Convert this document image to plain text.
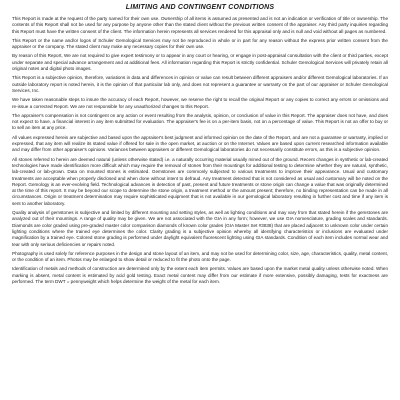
LIMITING AND CONTINGENT CONDITIONS

This Report is made at the request of the party named for their own use. Ownership of all items is assumed as presented and is not an indication or verification of title or ownership. The contents of this Report shall not be used for any purpose by anyone other than the stated client without the previous written consent of the appraiser. Any third party inquiries regarding this Report must have the written consent of the client. The information herein represents all services rendered for this appraisal only and is null and void without all pages as numbered.

This Report or the name and/or logos of Schuler Gemological Services may not be reproduced in whole or in part for any reason without the express prior written consent from the appraiser or the company. The stated client may make any necessary copies for their own use.

By reason of this Report, We are not required to give expert testimony or to appear in any court or hearing, or engage in post-appraisal consultation with the client or third parties, except under separate and special advance arrangement and at additional fees. All information regarding this Report is strictly confidential. Schuler Gemological Services will privately retain all original notes and digital photo images.

This Report is a subjective opinion, therefore, variations in data and differences in opinion or value can result between different appraisers and/or different Gemological laboratories. If an outside laboratory report is noted herein, it is the opinion of that particular lab only, and does not represent a guarantee or warranty on the part of our appraiser or Schuler Gemological Services, Inc.

We have taken reasonable steps to insure the accuracy of each Report, however, we reserve the right to recall the original Report or any copies to correct any errors or omissions and re-issue a corrected Report. We are not responsible for any unauthorized changes to this Report.

The appraiser's compensation is not contingent on any action or event resulting from the analysis, opinion, or conclusion of value in this Report. The appraiser does not have, and does not expect to have, a financial interest in any item submitted for evaluation. The appraiser's fee is on a per-item basis, not on a percentage of value. This Report is not an offer to buy or to sell an item at any price.

All values expressed herein are subjective and based upon the appraiser's best judgment and informed opinion on the date of the Report, and are not a guarantee or warranty, implied or expressed, that any item will realize its stated value if offered for sale in the open market, at auction or on the Internet. Values are based upon current researched information available and may differ from other appraiser's opinions. Variances between appraisers or different Gemological laboratories do not necessarily constitute errors, as this is a subjective opinion.

All stones referred to herein are deemed natural (unless otherwise stated) i.e. a naturally occurring material usually mined out of the ground. Recent changes in synthetic or lab-created technologies have made identification more difficult which may require the removal of stones from their mountings for additional testing to determine whether they are natural, synthetic, lab-created or lab-grown. Data on mounted stones is estimated. Gemstones are commonly subjected to various treatments to improve their appearance. Usual and customary treatments are acceptable when properly disclosed and when done without intent to defraud. Any treatment detected that is not considered as usual and customary will be noted on the Report. Gemology is an ever-evolving field. Technological advances in detection of past, present and future treatments or stone origin can change a value that was originally determined at the time of this report. It may be beyond our scope to determine the stone origin, a treatment method or the amount present; therefore, no binding representation can be made in all circumstances. Origin or treatment determination may require sophisticated equipment that is not available in our gemological laboratory resulting in further cost and time if any item is sent to another laboratory.

Quality analysis of gemstones is subjective and limited by different mounting and setting styles, as well as lighting conditions and may vary from that stated herein if the gemstones are analyzed out of their mountings. A range of quality may be given. We are not associated with the GIA in any form; however, we use GIA nomenclature, grading scales and standards. Diamonds are color graded using pre-graded master color comparison diamonds of known color grades (GIA Master Set #3838) that are placed adjacent to unknown color under certain lighting conditions where the trained eye determines the color. Clarity grading is a subjective opinion whereby all identifying characteristics or inclusions are evaluated under magnification by a trained eye. Colored stone grading is performed under daylight equivalent fluorescent lighting using GIA standards. Condition of each item includes normal wear and tear with only serious deficiencies or repairs noted.

Photography is used solely for reference purposes in the design and stone layout of an item, and may not be used for determining color, size, age, characteristics, quality, metal content, or the condition of an item. Photos may be enlarged to show detail or reduced to fit the photo onto the page.

Identification of metals and methods of construction are determined only by the extent each item permits. Values are based upon the market metal quality unless otherwise noted. When marking is absent, metal content is estimated by acid gold testing. Exact metal content may differ from our estimate if more extensive, possibly damaging, tests for exactness are performed. The term DWT = pennyweight which helps determine the weight of the metal for each item.
